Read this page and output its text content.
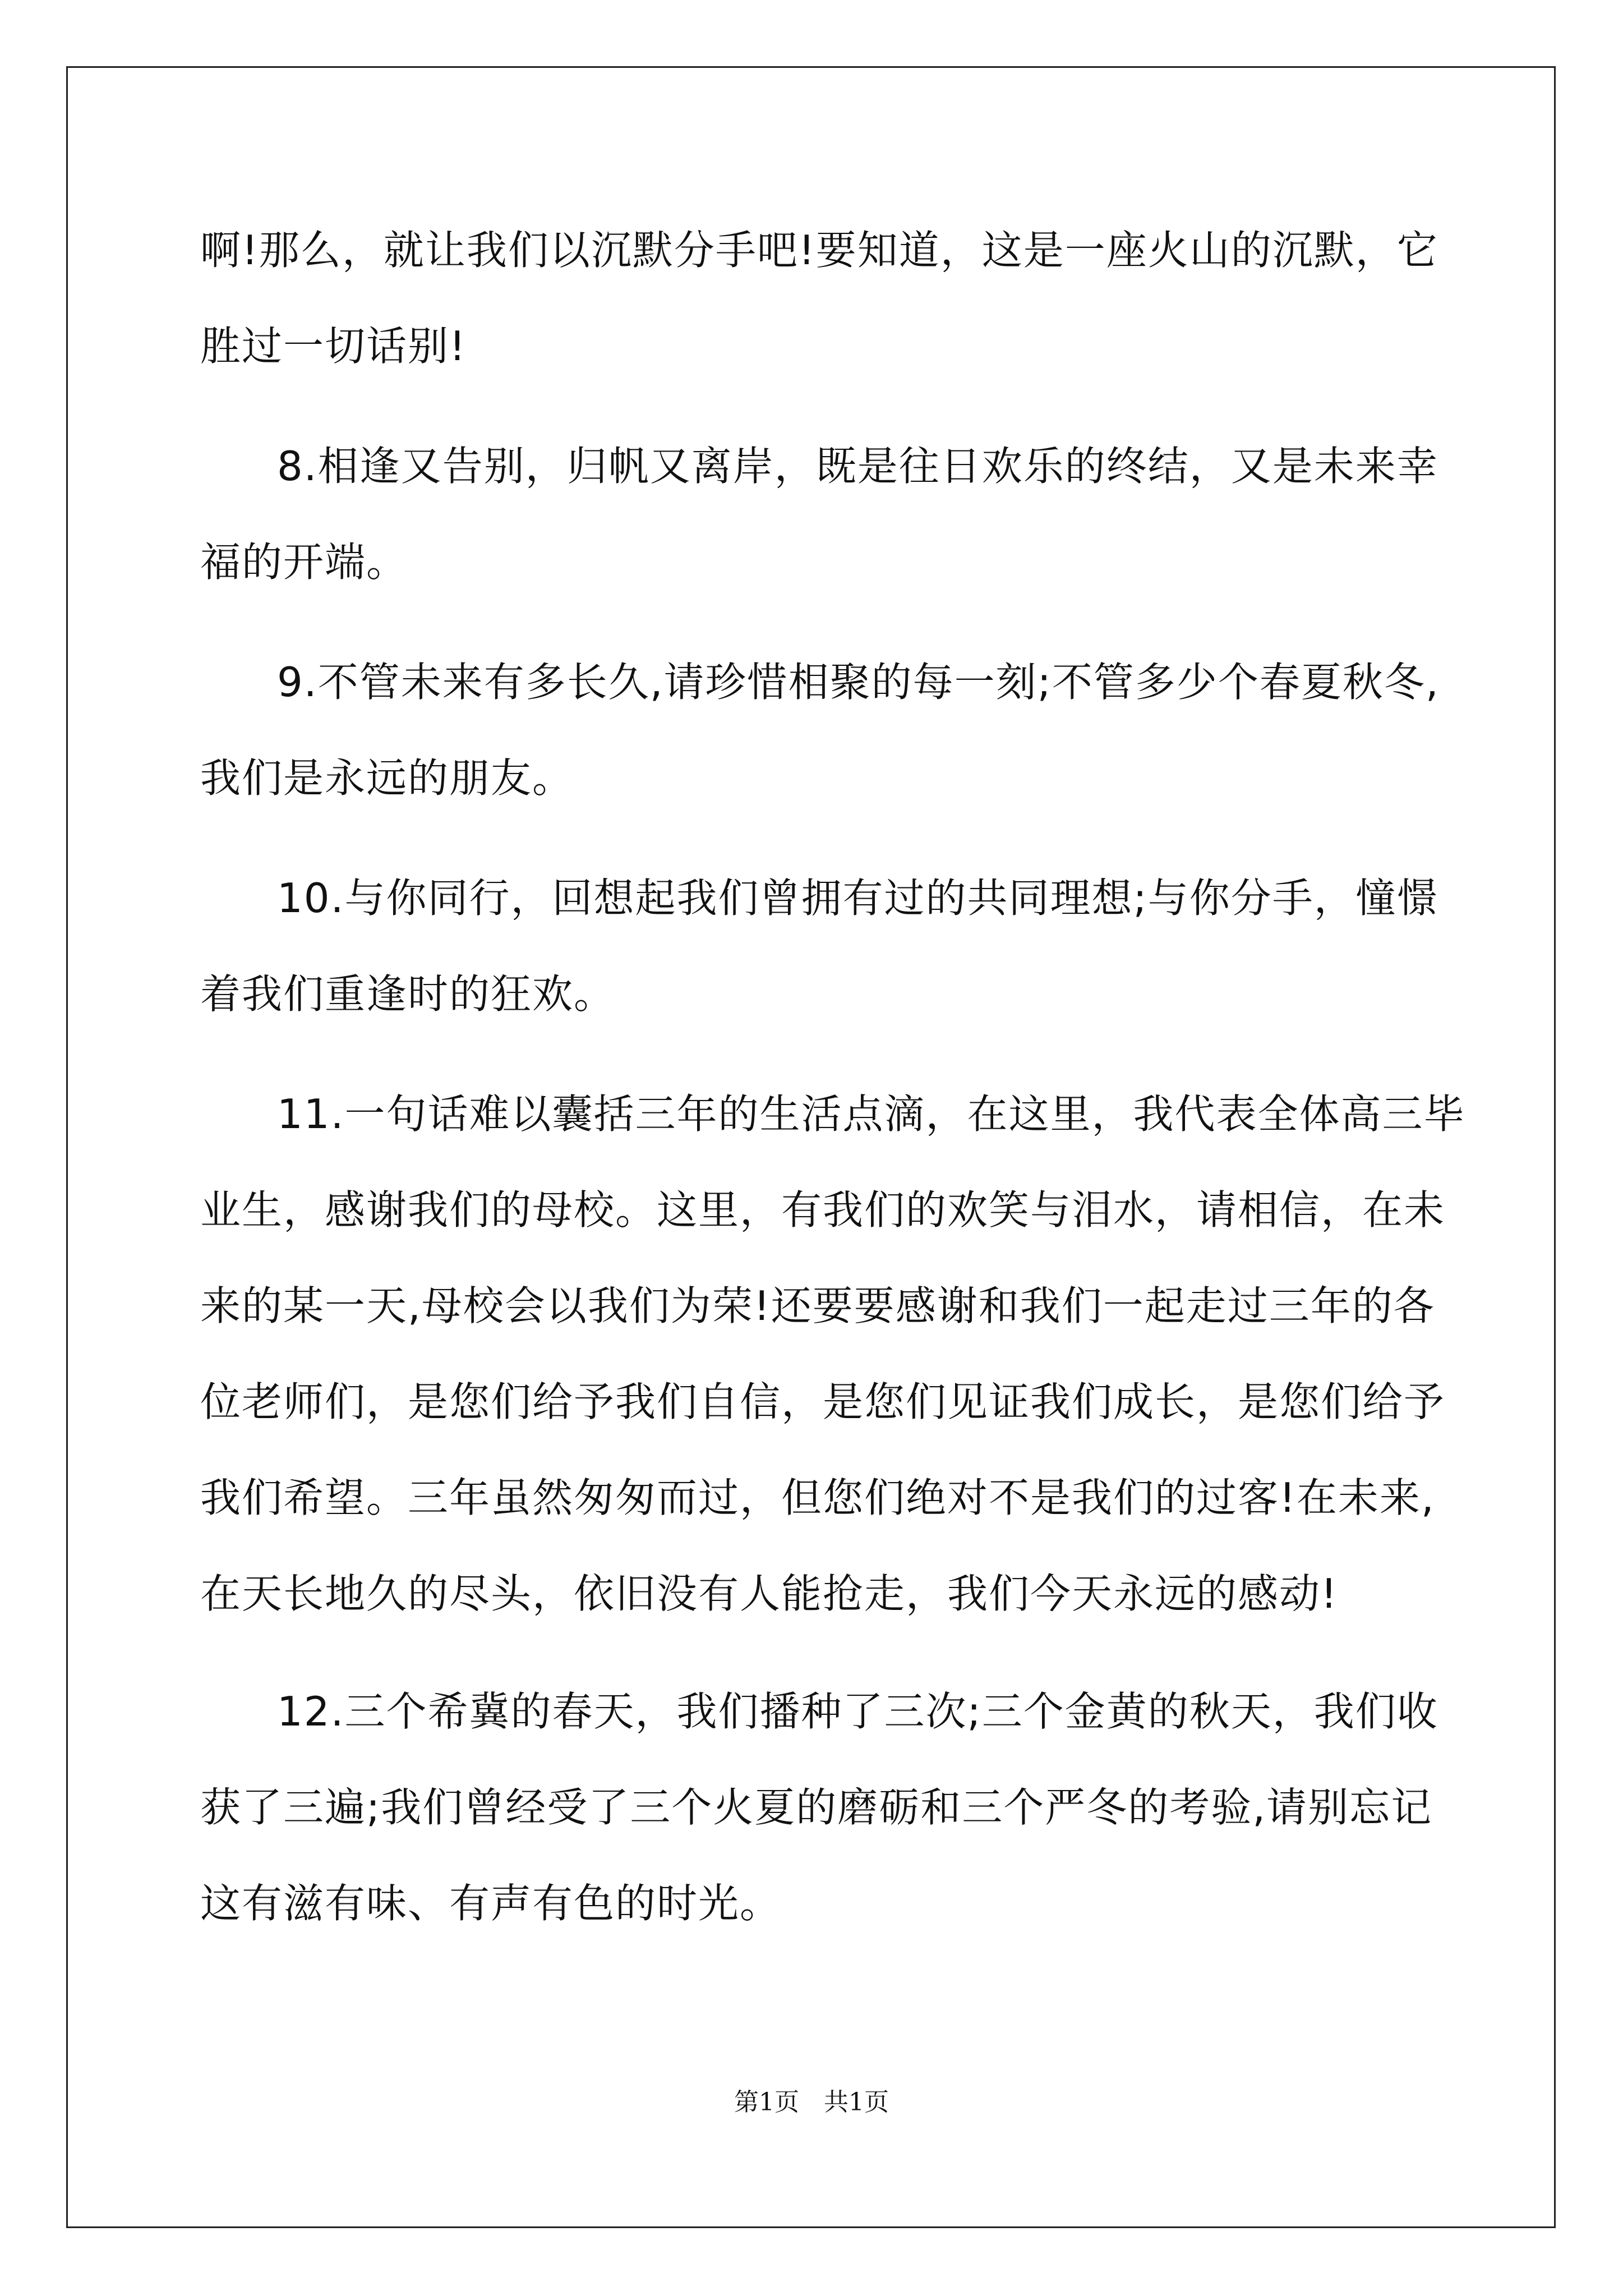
啊!那么，就让我们以沉默分手吧!要知道，这是一座火山的沉默，它
胜过一切话别!
8.相逢又告别，归帆又离岸，既是往日欢乐的终结，又是未来幸
福的开端。
9.不管未来有多长久,请珍惜相聚的每一刻;不管多少个春夏秋冬,
我们是永远的朋友。
10.与你同行，回想起我们曾拥有过的共同理想;与你分手，憧憬
着我们重逢时的狂欢。
11.一句话难以囊括三年的生活点滴，在这里，我代表全体高三毕
业生，感谢我们的母校。这里，有我们的欢笑与泪水，请相信，在未
来的某一天,母校会以我们为荣!还要要感谢和我们一起走过三年的各
位老师们，是您们给予我们自信，是您们见证我们成长，是您们给予
我们希望。三年虽然匆匆而过，但您们绝对不是我们的过客!在未来,
在天长地久的尽头，依旧没有人能抢走，我们今天永远的感动!
12.三个希冀的春天，我们播种了三次;三个金黄的秋天，我们收
获了三遍;我们曾经受了三个火夏的磨砺和三个严冬的考验,请别忘记
这有滋有味、有声有色的时光。
第1页　共1页
